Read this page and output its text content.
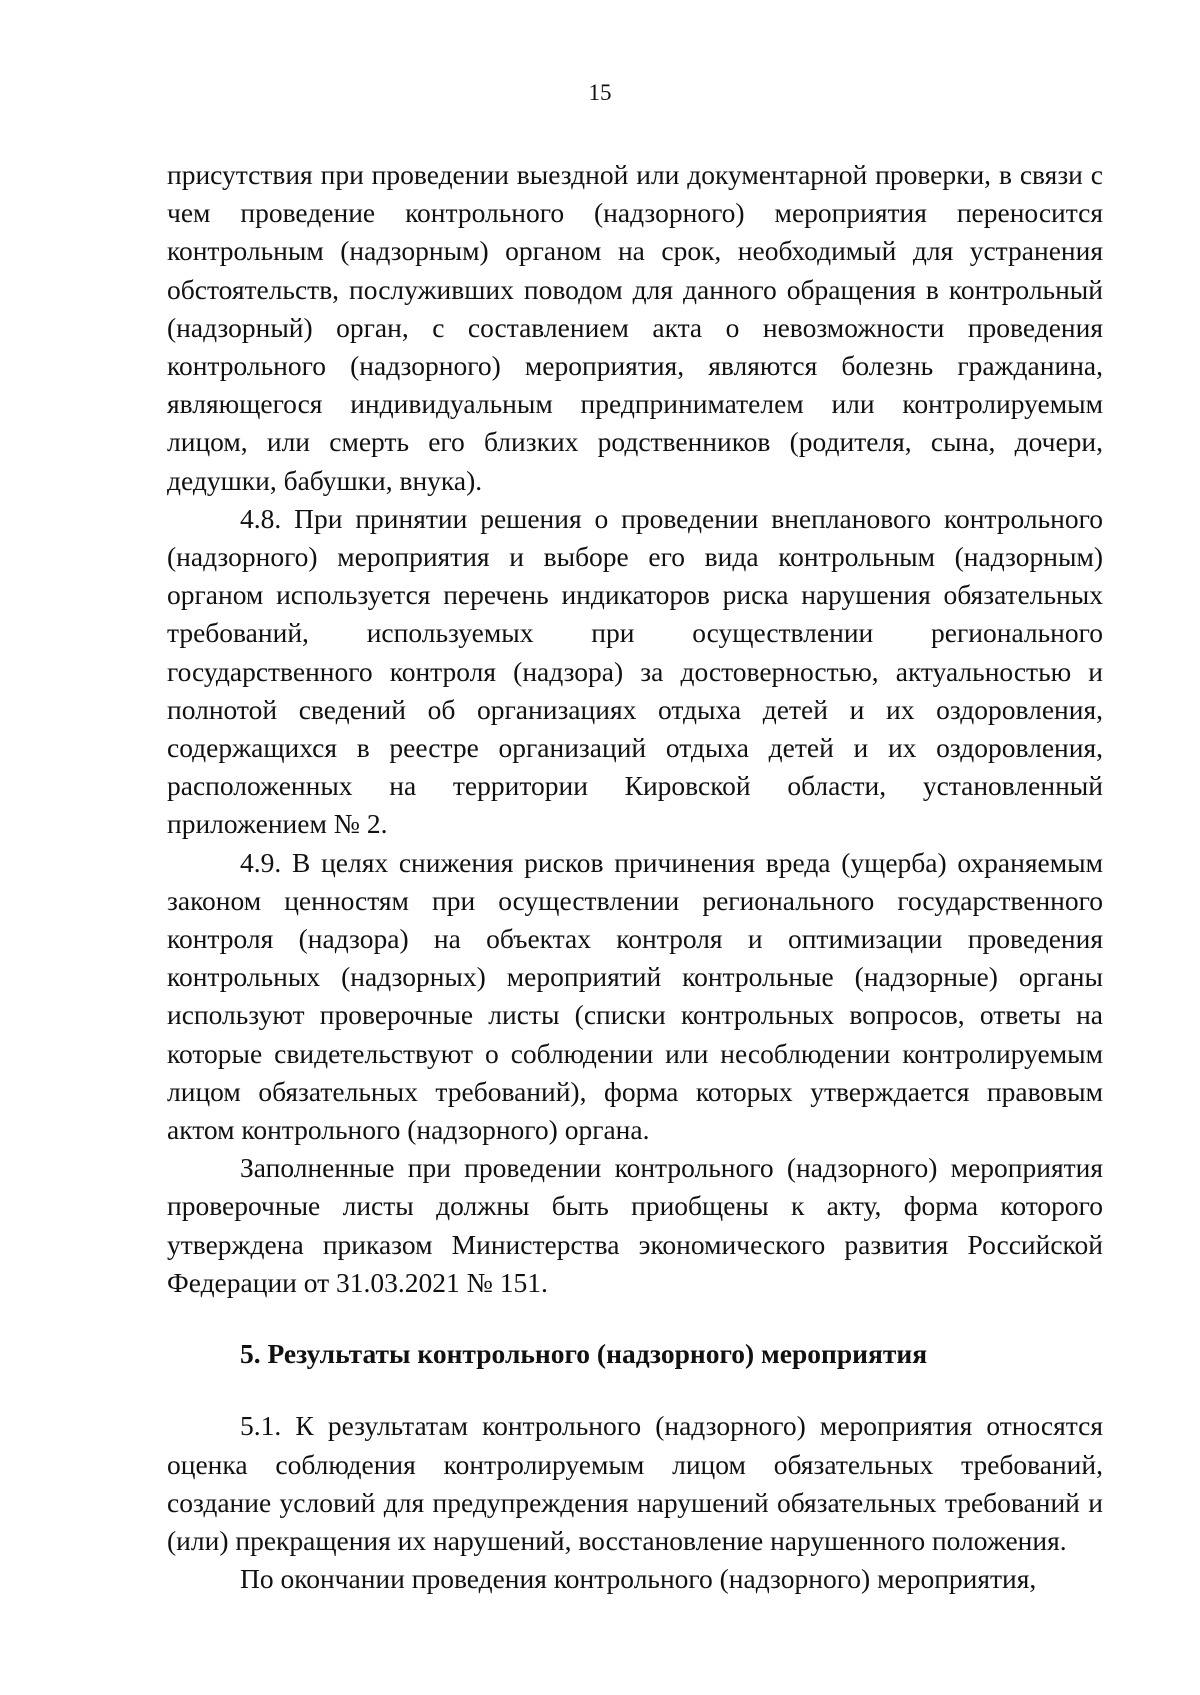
15

присутствия при проведении выездной или документарной проверки, в связи с чем проведение контрольного (надзорного) мероприятия переносится контрольным (надзорным) органом на срок, необходимый для устранения обстоятельств, послуживших поводом для данного обращения в контрольный (надзорный) орган, с составлением акта о невозможности проведения контрольного (надзорного) мероприятия, являются болезнь гражданина, являющегося индивидуальным предпринимателем или контролируемым лицом, или смерть его близких родственников (родителя, сына, дочери, дедушки, бабушки, внука).

4.8. При принятии решения о проведении внепланового контрольного (надзорного) мероприятия и выборе его вида контрольным (надзорным) органом используется перечень индикаторов риска нарушения обязательных требований, используемых при осуществлении регионального государственного контроля (надзора) за достоверностью, актуальностью и полнотой сведений об организациях отдыха детей и их оздоровления, содержащихся в реестре организаций отдыха детей и их оздоровления, расположенных на территории Кировской области, установленный приложением № 2.

4.9. В целях снижения рисков причинения вреда (ущерба) охраняемым законом ценностям при осуществлении регионального государственного контроля (надзора) на объектах контроля и оптимизации проведения контрольных (надзорных) мероприятий контрольные (надзорные) органы используют проверочные листы (списки контрольных вопросов, ответы на которые свидетельствуют о соблюдении или несоблюдении контролируемым лицом обязательных требований), форма которых утверждается правовым актом контрольного (надзорного) органа.

Заполненные при проведении контрольного (надзорного) мероприятия проверочные листы должны быть приобщены к акту, форма которого утверждена приказом Министерства экономического развития Российской Федерации от 31.03.2021 № 151.

5. Результаты контрольного (надзорного) мероприятия

5.1. К результатам контрольного (надзорного) мероприятия относятся оценка соблюдения контролируемым лицом обязательных требований, создание условий для предупреждения нарушений обязательных требований и (или) прекращения их нарушений, восстановление нарушенного положения.

По окончании проведения контрольного (надзорного) мероприятия,
